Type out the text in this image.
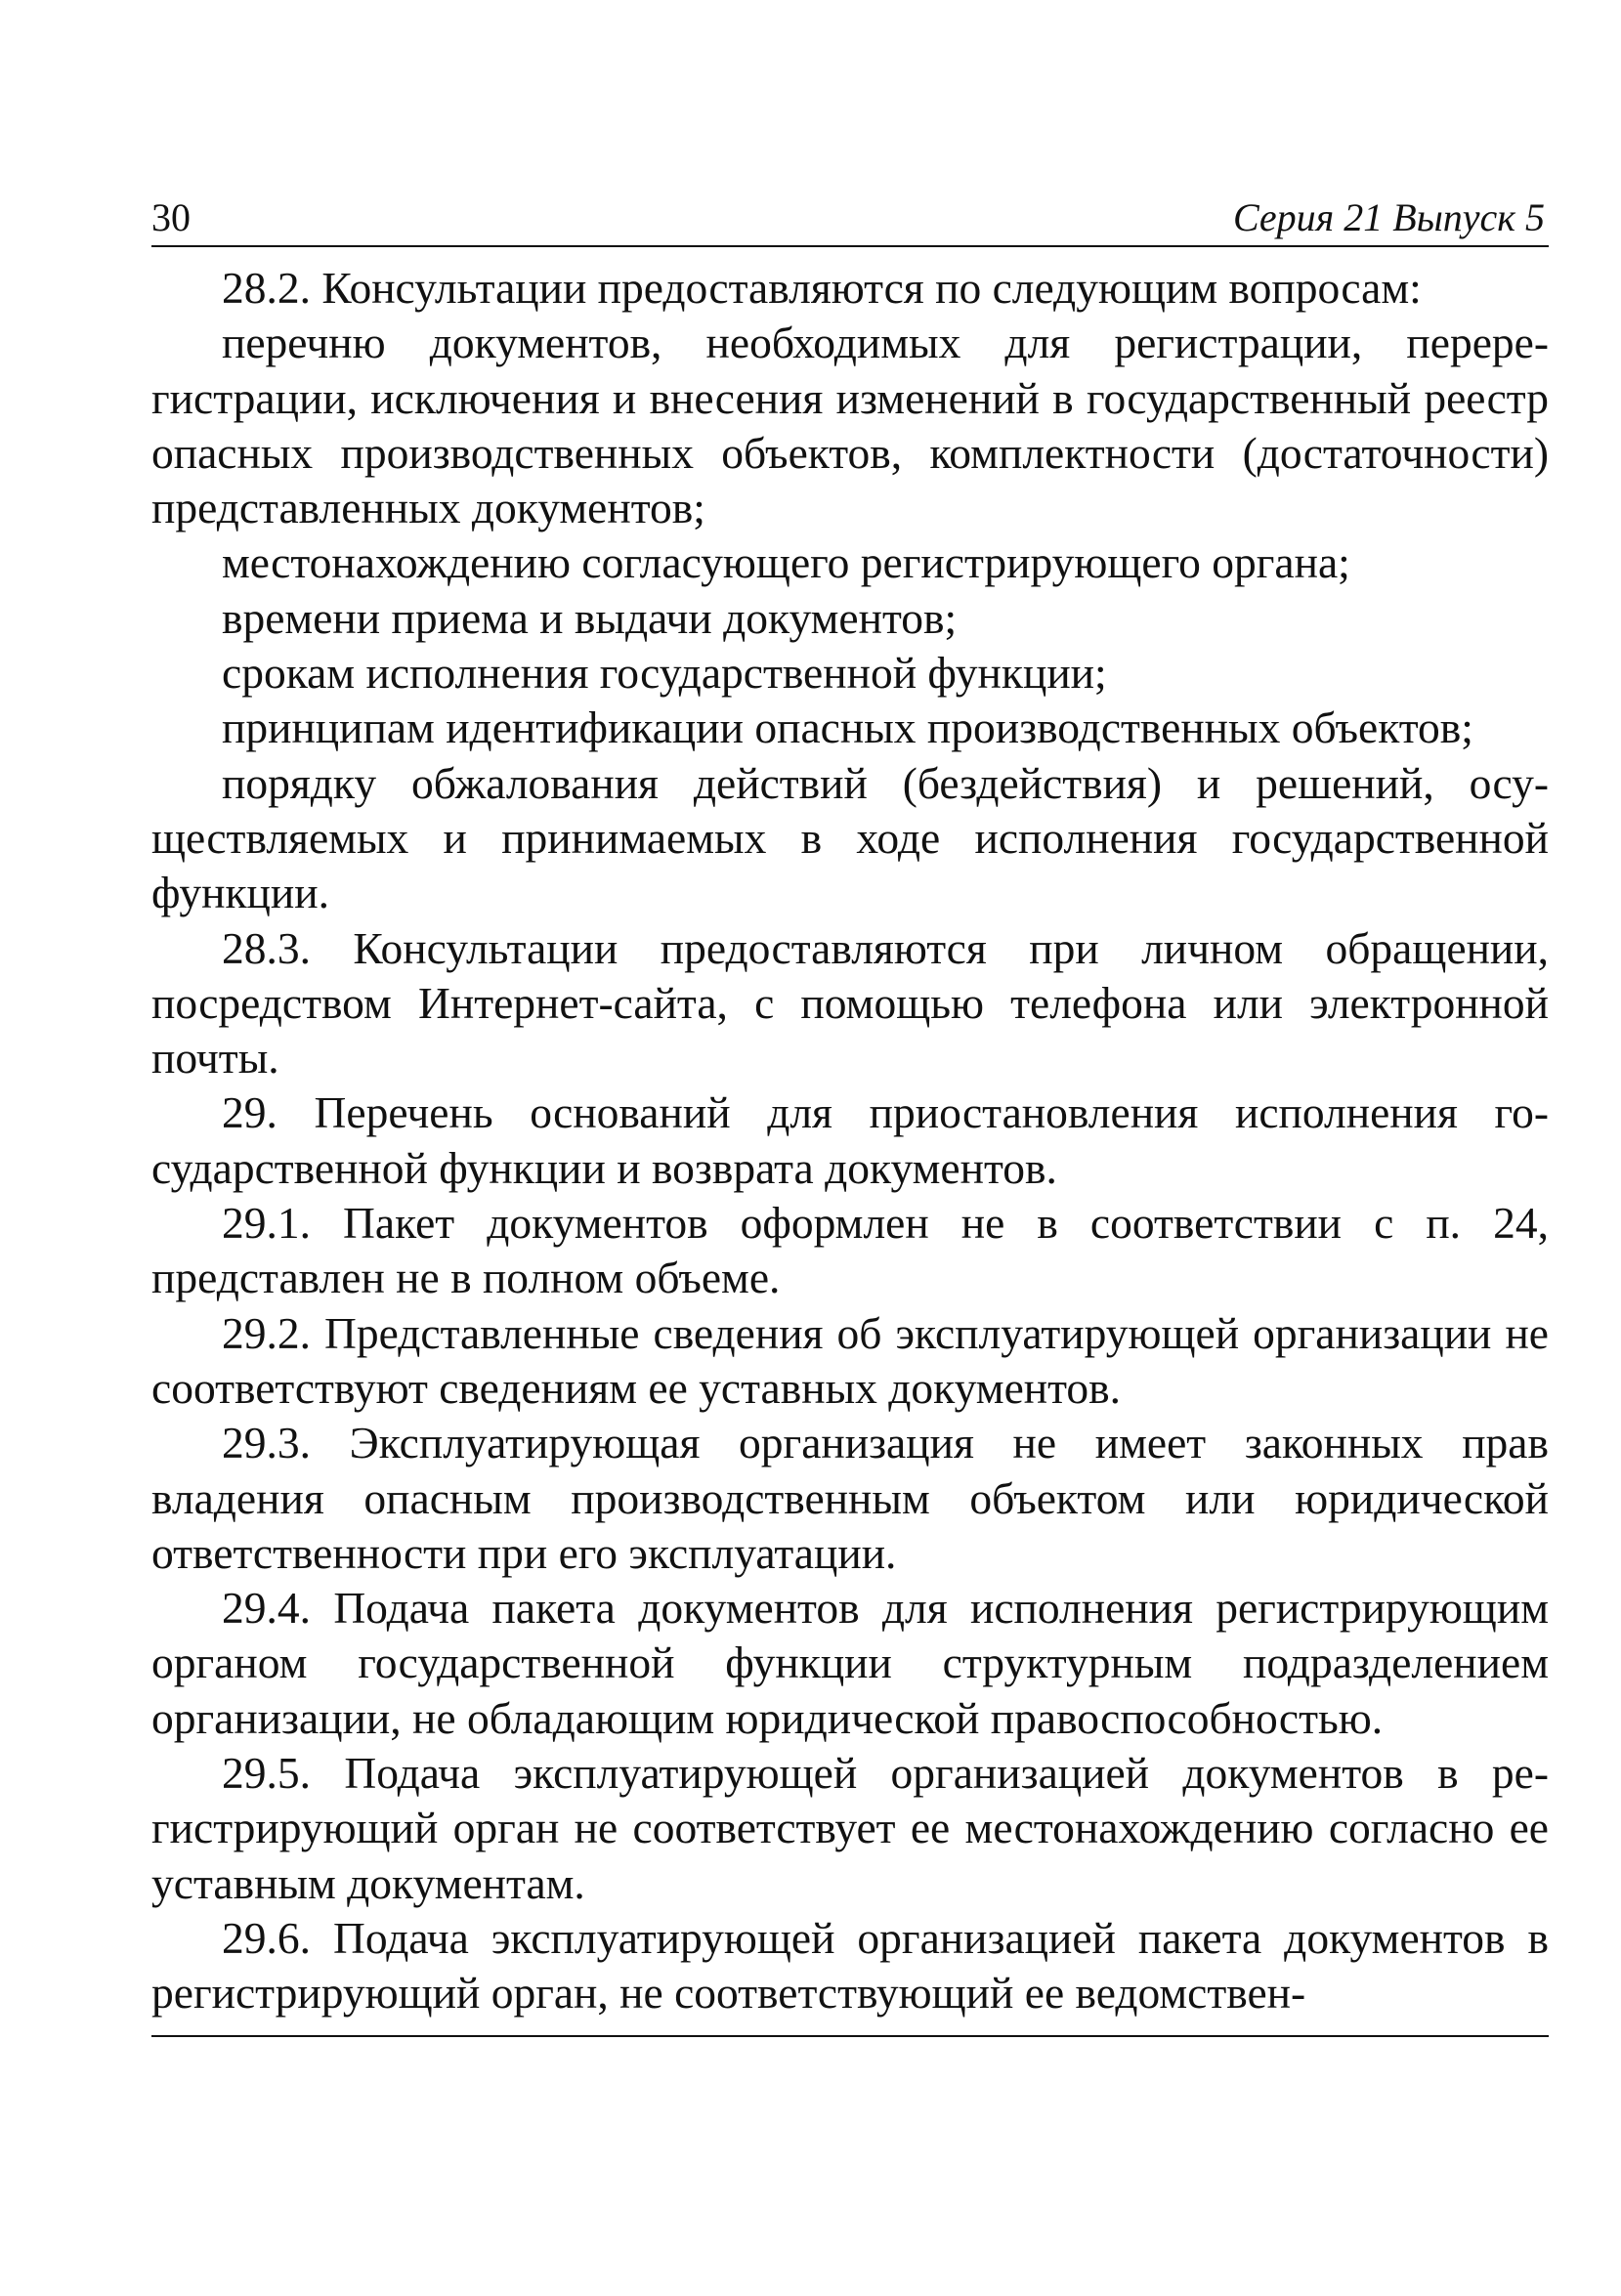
30	Серия 21 Выпуск 5

28.2. Консультации предоставляются по следующим вопросам:

перечню документов, необходимых для регистрации, перерегистрации, исключения и внесения изменений в государственный реестр опасных производственных объектов, комплектности (достаточности) представленных документов;

местонахождению согласующего регистрирующего органа;

времени приема и выдачи документов;

срокам исполнения государственной функции;

принципам идентификации опасных производственных объектов;

порядку обжалования действий (бездействия) и решений, осуществляемых и принимаемых в ходе исполнения государственной функции.

28.3. Консультации предоставляются при личном обращении, посредством Интернет-сайта, с помощью телефона или электронной почты.

29. Перечень оснований для приостановления исполнения государственной функции и возврата документов.

29.1. Пакет документов оформлен не в соответствии с п. 24, представлен не в полном объеме.

29.2. Представленные сведения об эксплуатирующей организации не соответствуют сведениям ее уставных документов.

29.3. Эксплуатирующая организация не имеет законных прав владения опасным производственным объектом или юридической ответственности при его эксплуатации.

29.4. Подача пакета документов для исполнения регистрирующим органом государственной функции структурным подразделением организации, не обладающим юридической правоспособностью.

29.5. Подача эксплуатирующей организацией документов в регистрирующий орган не соответствует ее местонахождению согласно ее уставным документам.

29.6. Подача эксплуатирующей организацией пакета документов в регистрирующий орган, не соответствующий ее ведомствен-
